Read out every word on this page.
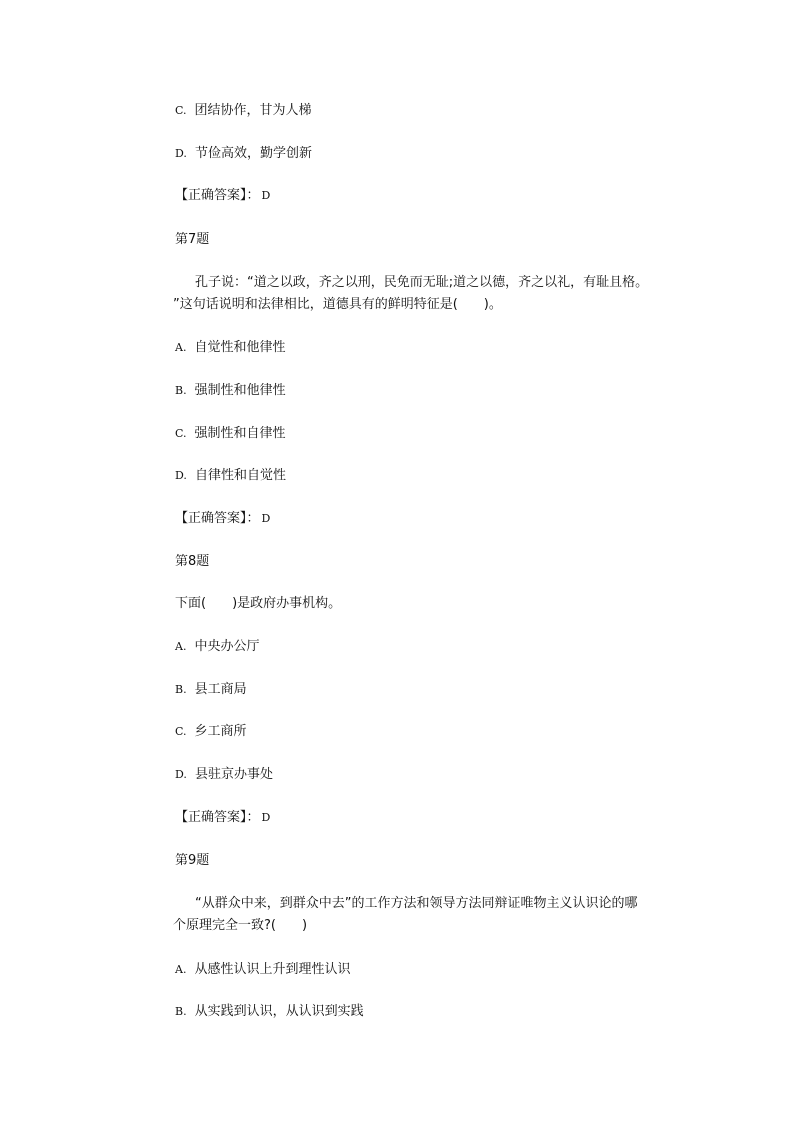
C. 团结协作，甘为人梯
D. 节俭高效，勤学创新
【正确答案】： D
第7题
孔子说：“道之以政，齐之以刑，民免而无耻;道之以德，齐之以礼，有耻且格。
”这句话说明和法律相比，道德具有的鲜明特征是(　　)。
A. 自觉性和他律性
B. 强制性和他律性
C. 强制性和自律性
D. 自律性和自觉性
【正确答案】： D
第8题
下面(　　)是政府办事机构。
A. 中央办公厅
B. 县工商局
C. 乡工商所
D. 县驻京办事处
【正确答案】： D
第9题
“从群众中来，到群众中去”的工作方法和领导方法同辩证唯物主义认识论的哪
个原理完全一致?(　　)
A. 从感性认识上升到理性认识
B. 从实践到认识，从认识到实践
